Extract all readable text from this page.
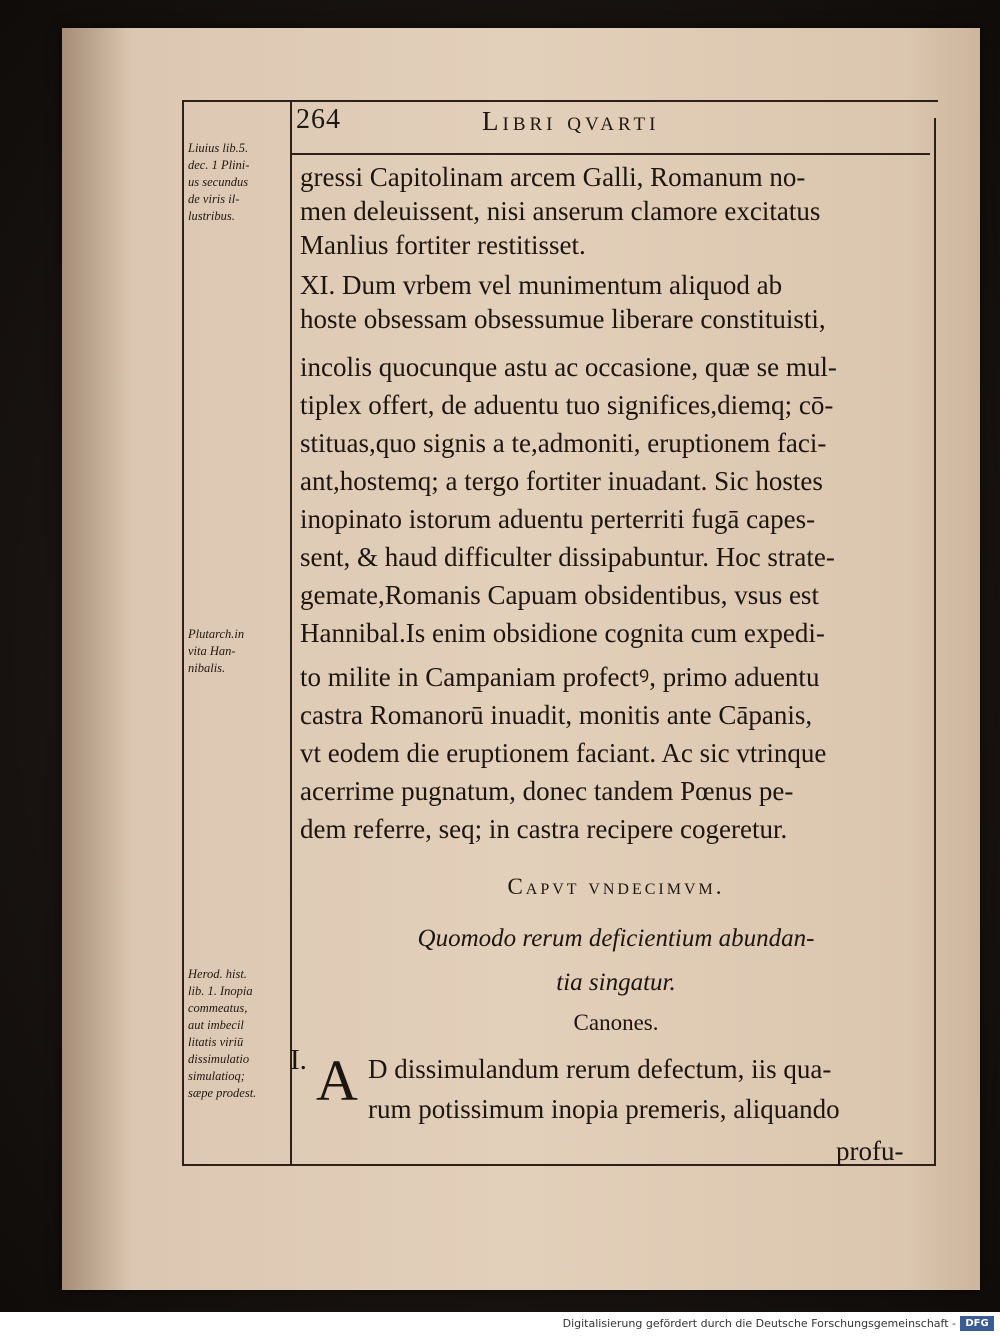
264	Libri qvarti
Liuius lib.5.
dec. 1 Plini-
us secundus
de viris il-
lustribus.
Plutarch.in
vita Han-
nibalis.
Herod. hist.
lib. 1. Inopia
commeatus,
aut imbecil
litatis viriū
dissimulatio
simulatioq;
sæpe prodest.
gressi Capitolinam arcem Galli, Romanum no-
men deleuissent, nisi anserum clamore excitatus
Manlius fortiter restitisset.
XI. Dum vrbem vel munimentum aliquod ab
hoste obsessam obsessumue liberare constituisti,
incolis quocunque astu ac occasione, quæ se mul-
tiplex offert, de aduentu tuo significes,diemq; cō-
stituas,quo signis a te,admoniti, eruptionem faci-
ant,hostemq; a tergo fortiter inuadant. Sic hostes
inopinato istorum aduentu perterriti fugā capes-
sent, & haud difficulter dissipabuntur. Hoc strate-
gemate,Romanis Capuam obsidentibus, vsus est
Hannibal.Is enim obsidione cognita cum expedi-
to milite in Campaniam profectꝰ, primo aduentu
castra Romanorū inuadit, monitis ante Cāpanis,
vt eodem die eruptionem faciant. Ac sic vtrinque
acerrime pugnatum, donec tandem Pœnus pe-
dem referre, seq; in castra recipere cogeretur.
Capvt vndecimvm.
Quomodo rerum deficientium abundan-
tia singatur.
Canones.
I. A D dissimulandum rerum defectum, iis qua-
rum potissimum inopia premeris, aliquando
profu-
Digitalisierung gefördert durch die Deutsche Forschungsgemeinschaft - DFG
